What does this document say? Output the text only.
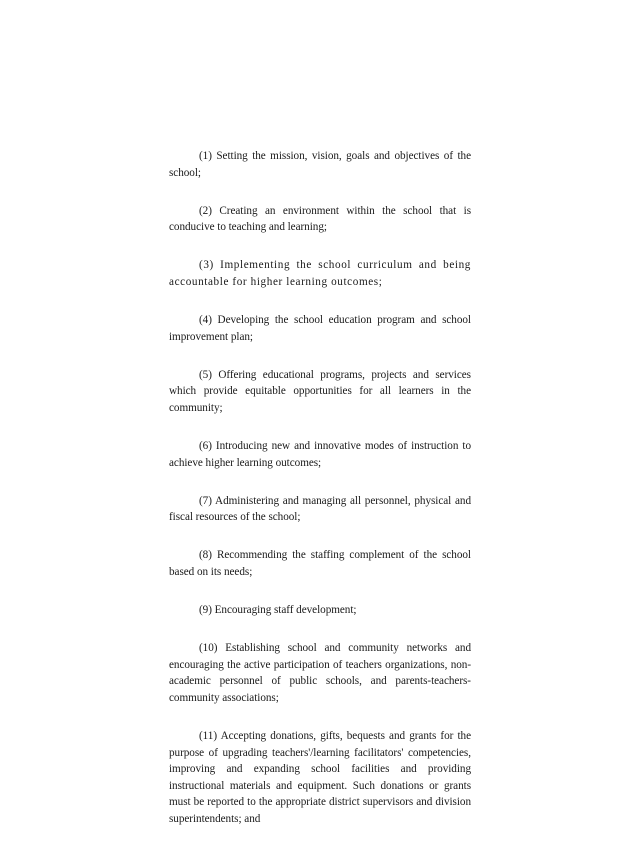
(1) Setting the mission, vision, goals and objectives of the school;

(2) Creating an environment within the school that is conducive to teaching and learning;

(3) Implementing the school curriculum and being accountable for higher learning outcomes;

(4) Developing the school education program and school improvement plan;

(5) Offering educational programs, projects and services which provide equitable opportunities for all learners in the community;

(6) Introducing new and innovative modes of instruction to achieve higher learning outcomes;

(7) Administering and managing all personnel, physical and fiscal resources of the school;

(8) Recommending the staffing complement of the school based on its needs;

(9) Encouraging staff development;

(10) Establishing school and community networks and encouraging the active participation of teachers organizations, non-academic personnel of public schools, and parents-teachers-community associations;

(11) Accepting donations, gifts, bequests and grants for the purpose of upgrading teachers'/learning facilitators' competencies, improving and expanding school facilities and providing instructional materials and equipment. Such donations or grants must be reported to the appropriate district supervisors and division superintendents; and
